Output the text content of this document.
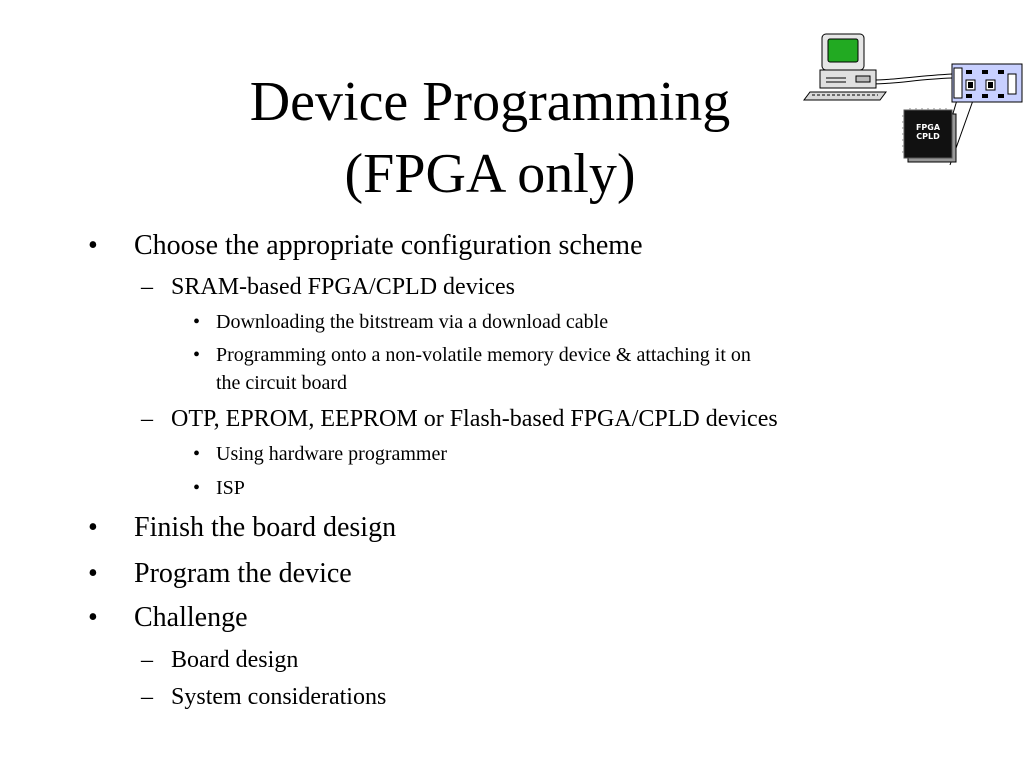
Device Programming
(FPGA only)
FPGA
CPLD
• Choose the appropriate configuration scheme
– SRAM-based FPGA/CPLD devices
• Downloading the bitstream via a download cable
• Programming onto a non-volatile memory device & attaching it on
the circuit board
– OTP, EPROM, EEPROM or Flash-based FPGA/CPLD devices
• Using hardware programmer
• ISP
• Finish the board design
• Program the device
• Challenge
– Board design
– System considerations
